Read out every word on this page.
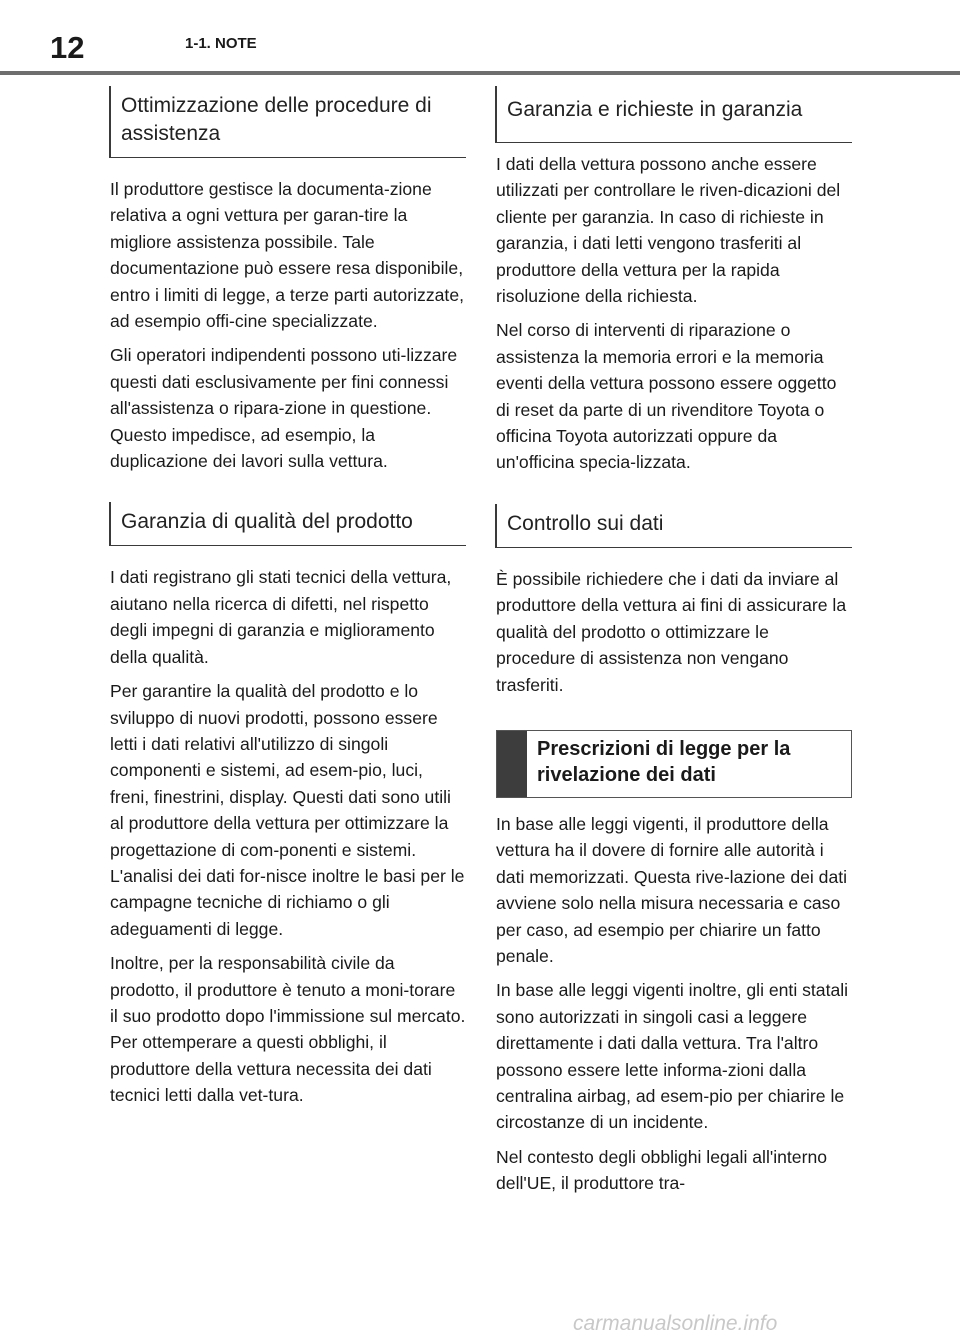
12	1-1. NOTE
Ottimizzazione delle procedure di assistenza

Il produttore gestisce la documenta-zione relativa a ogni vettura per garan-tire la migliore assistenza possibile. Tale documentazione può essere resa disponibile, entro i limiti di legge, a terze parti autorizzate, ad esempio offi-cine specializzate.

Gli operatori indipendenti possono uti-lizzare questi dati esclusivamente per fini connessi all'assistenza o ripara-zione in questione. Questo impedisce, ad esempio, la duplicazione dei lavori sulla vettura.

Garanzia di qualità del prodotto

I dati registrano gli stati tecnici della vettura, aiutano nella ricerca di difetti, nel rispetto degli impegni di garanzia e miglioramento della qualità.

Per garantire la qualità del prodotto e lo sviluppo di nuovi prodotti, possono essere letti i dati relativi all'utilizzo di singoli componenti e sistemi, ad esem-pio, luci, freni, finestrini, display. Questi dati sono utili al produttore della vettura per ottimizzare la progettazione di com-ponenti e sistemi. L'analisi dei dati for-nisce inoltre le basi per le campagne tecniche di richiamo o gli adeguamenti di legge.

Inoltre, per la responsabilità civile da prodotto, il produttore è tenuto a moni-torare il suo prodotto dopo l'immissione sul mercato. Per ottemperare a questi obblighi, il produttore della vettura necessita dei dati tecnici letti dalla vet-tura.

Garanzia e richieste in garanzia

I dati della vettura possono anche essere utilizzati per controllare le riven-dicazioni del cliente per garanzia. In caso di richieste in garanzia, i dati letti vengono trasferiti al produttore della vettura per la rapida risoluzione della richiesta.

Nel corso di interventi di riparazione o assistenza la memoria errori e la memoria eventi della vettura possono essere oggetto di reset da parte di un rivenditore Toyota o officina Toyota autorizzati oppure da un'officina specia-lizzata.

Controllo sui dati

È possibile richiedere che i dati da inviare al produttore della vettura ai fini di assicurare la qualità del prodotto o ottimizzare le procedure di assistenza non vengano trasferiti.

Prescrizioni di legge per la rivelazione dei dati

In base alle leggi vigenti, il produttore della vettura ha il dovere di fornire alle autorità i dati memorizzati. Questa rive-lazione dei dati avviene solo nella misura necessaria e caso per caso, ad esempio per chiarire un fatto penale.

In base alle leggi vigenti inoltre, gli enti statali sono autorizzati in singoli casi a leggere direttamente i dati dalla vettura. Tra l'altro possono essere lette informa-zioni dalla centralina airbag, ad esem-pio per chiarire le circostanze di un incidente.

Nel contesto degli obblighi legali all'interno dell'UE, il produttore tra-

carmanualsonline.info
